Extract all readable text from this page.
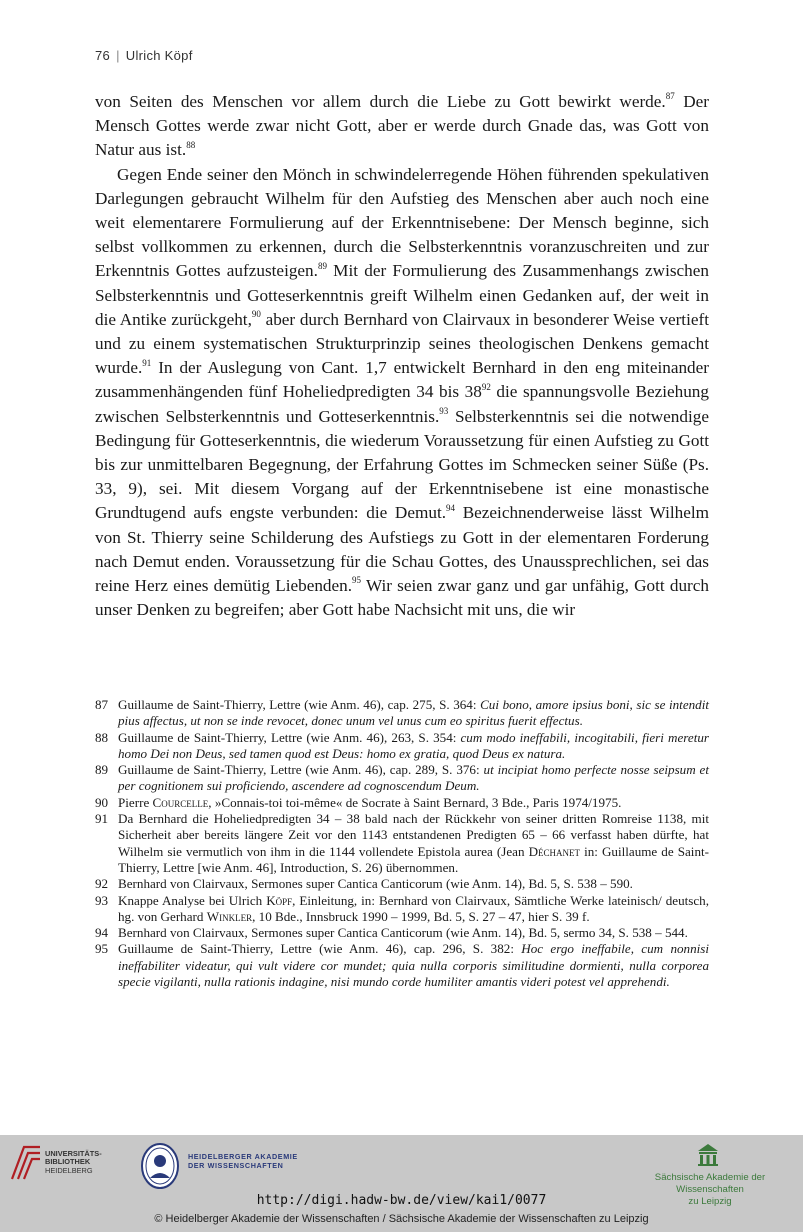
76 | Ulrich Köpf

von Seiten des Menschen vor allem durch die Liebe zu Gott bewirkt werde.$^{87}$ Der Mensch Gottes werde zwar nicht Gott, aber er werde durch Gnade das, was Gott von Natur aus ist.$^{88}$

Gegen Ende seiner den Mönch in schwindelerregende Höhen führenden spekulativen Darlegungen gebraucht Wilhelm für den Aufstieg des Menschen aber auch noch eine weit elementarere Formulierung auf der Erkenntnisebene: Der Mensch beginne, sich selbst vollkommen zu erkennen, durch die Selbsterkenntnis voranzuschreiten und zur Erkenntnis Gottes aufzusteigen.$^{89}$ Mit der Formulierung des Zusammenhangs zwischen Selbsterkenntnis und Gotteserkenntnis greift Wilhelm einen Gedanken auf, der weit in die Antike zurückgeht,$^{90}$ aber durch Bernhard von Clairvaux in besonderer Weise vertieft und zu einem systematischen Strukturprinzip seines theologischen Denkens gemacht wurde.$^{91}$ In der Auslegung von Cant. 1,7 entwickelt Bernhard in den eng miteinander zusammenhängenden fünf Hoheliedpredigten 34 bis $38^{92}$ die spannungsvolle Beziehung zwischen Selbsterkenntnis und Gotteserkenntnis.$^{93}$ Selbsterkenntnis sei die notwendige Bedingung für Gotteserkenntnis, die wiederum Voraussetzung für einen Aufstieg zu Gott bis zur unmittelbaren Begegnung, der Erfahrung Gottes im Schmecken seiner Süße (Ps. 33, 9), sei. Mit diesem Vorgang auf der Erkenntnisebene ist eine monastische Grundtugend aufs engste verbunden: die Demut.$^{94}$ Bezeichnenderweise lässt Wilhelm von St. Thierry seine Schilderung des Aufstiegs zu Gott in der elementaren Forderung nach Demut enden. Voraussetzung für die Schau Gottes, des Unaussprechlichen, sei das reine Herz eines demütig Liebenden.$^{95}$ Wir seien zwar ganz und gar unfähig, Gott durch unser Denken zu begreifen; aber Gott habe Nachsicht mit uns, die wir

87 Guillaume de Saint-Thierry, Lettre (wie Anm. 46), cap. 275, S. 364: Cui bono, amore ipsius boni, sic se intendit pius affectus, ut non se inde revocet, donec unum vel unus cum eo spiritus fuerit effectus.
88 Guillaume de Saint-Thierry, Lettre (wie Anm. 46), 263, S. 354: cum modo ineffabili, incogitabili, fieri meretur homo Dei non Deus, sed tamen quod est Deus: homo ex gratia, quod Deus ex natura.
89 Guillaume de Saint-Thierry, Lettre (wie Anm. 46), cap. 289, S. 376: ut incipiat homo perfecte nosse seipsum et per cognitionem sui proficiendo, ascendere ad cognoscendum Deum.
90 Pierre Courcelle, »Connais-toi toi-même« de Socrate à Saint Bernard, 3 Bde., Paris 1974/1975.
91 Da Bernhard die Hoheliedpredigten 34 – 38 bald nach der Rückkehr von seiner dritten Romreise 1138, mit Sicherheit aber bereits längere Zeit vor den 1143 entstandenen Predigten 65 – 66 verfasst haben dürfte, hat Wilhelm sie vermutlich von ihm in die 1144 vollendete Epistola aurea (Jean Déchanet in: Guillaume de Saint-Thierry, Lettre [wie Anm. 46], Introduction, S. 26) übernommen.
92 Bernhard von Clairvaux, Sermones super Cantica Canticorum (wie Anm. 14), Bd. 5, S. 538 – 590.
93 Knappe Analyse bei Ulrich Köpf, Einleitung, in: Bernhard von Clairvaux, Sämtliche Werke lateinisch/ deutsch, hg. von Gerhard Winkler, 10 Bde., Innsbruck 1990 – 1999, Bd. 5, S. 27 – 47, hier S. 39 f.
94 Bernhard von Clairvaux, Sermones super Cantica Canticorum (wie Anm. 14), Bd. 5, sermo 34, S. 538 – 544.
95 Guillaume de Saint-Thierry, Lettre (wie Anm. 46), cap. 296, S. 382: Hoc ergo ineffabile, cum nonnisi ineffabiliter videatur, qui vult videre cor mundet; quia nulla corporis similitudine dormienti, nulla corporea specie vigilanti, nulla rationis indagine, nisi mundo corde humiliter amantis videri potest vel apprehendi.
UNIVERSITÄTS-
BIBLIOTHEK
HEIDELBERG
HEIDELBERGER AKADEMIE
DER WISSENSCHAFTEN
Sächsische Akademie der Wissenschaften
zu Leipzig
http://digi.hadw-bw.de/view/kai1/0077
© Heidelberger Akademie der Wissenschaften / Sächsische Akademie der Wissenschaften zu Leipzig
